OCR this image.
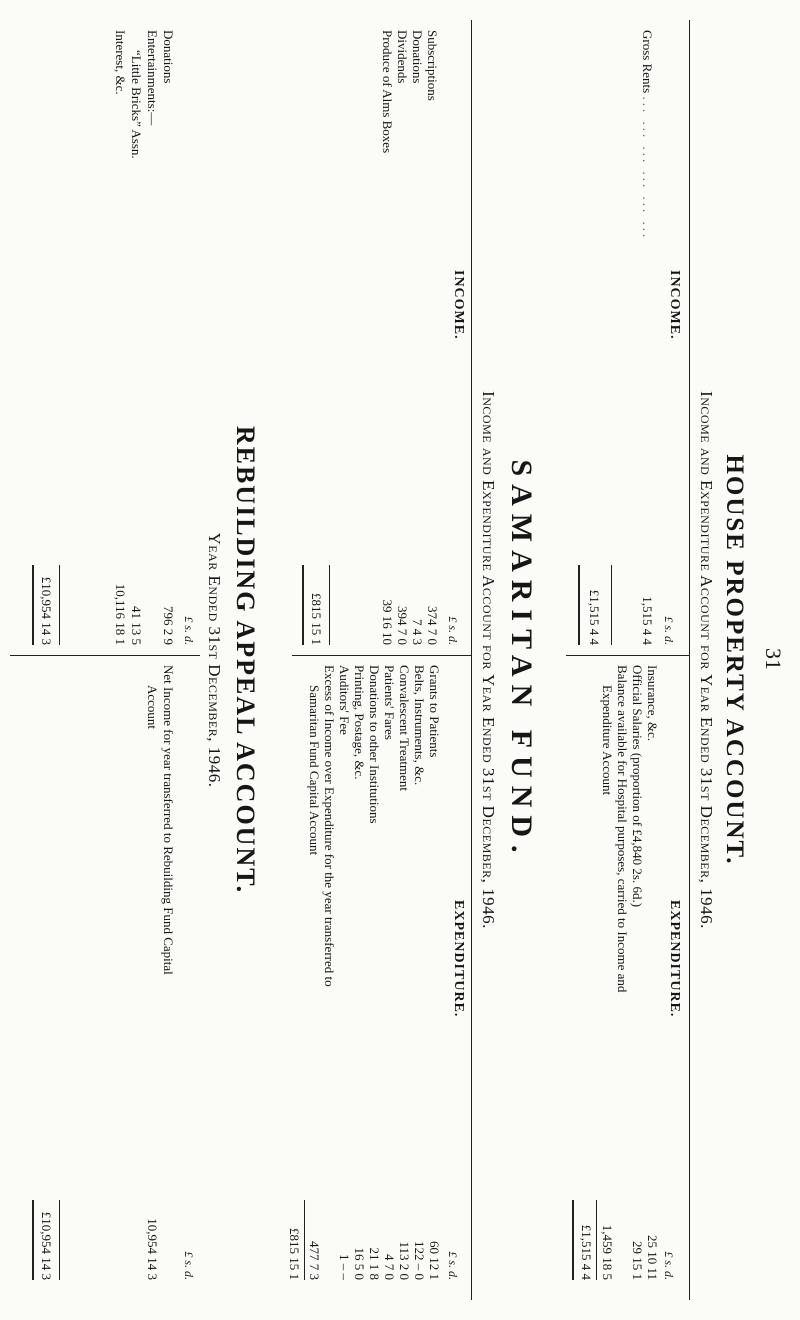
31
HOUSE PROPERTY ACCOUNT.
Income and Expenditure Account for Year Ended 31st December, 1946.
INCOME.
EXPENDITURE.
£ s. d.
Gross Rents ... ... ... ... ... ...
1,515 4 4
£1,515 4 4
£ s. d.
Insurance, &c.
25 10 11
Official Salaries (proportion of £4,840 2s. 6d.)
29 15 1
Balance available for Hospital purposes, carried to Income and
Expenditure Account
1,459 18 5
£1,515 4 4
SAMARITAN FUND.
Income and Expenditure Account for Year Ended 31st December, 1946.
INCOME.
EXPENDITURE.
£ s. d.
Subscriptions
374 7 0
Donations
7 4 3
Dividends
394 7 0
Produce of Alms Boxes
39 16 10
£815 15 1
£ s. d.
Grants to Patients
60 12 1
Belts, Instruments, &c.
122 ‒ 0
Convalescent Treatment
113 2 0
Patients' Fares
4 7 0
Donations to other Institutions
21 1 8
Printing, Postage, &c.
16 5 0
Auditors' Fee
1 ‒ ‒
Excess of Income over Expenditure for the year transferred to
Samaritan Fund Capital Account
477 7 3
£815 15 1
REBUILDING APPEAL ACCOUNT.
Year Ended 31st December, 1946.
£ s. d.
Donations
796 2 9
Entertainments:—
“Little Bricks” Assn.
41 13 5
Interest, &c.
10,116 18 1
£10,954 14 3
£ s. d.
Net Income for year transferred to Rebuilding Fund Capital
Account
10,954 14 3
£10,954 14 3
